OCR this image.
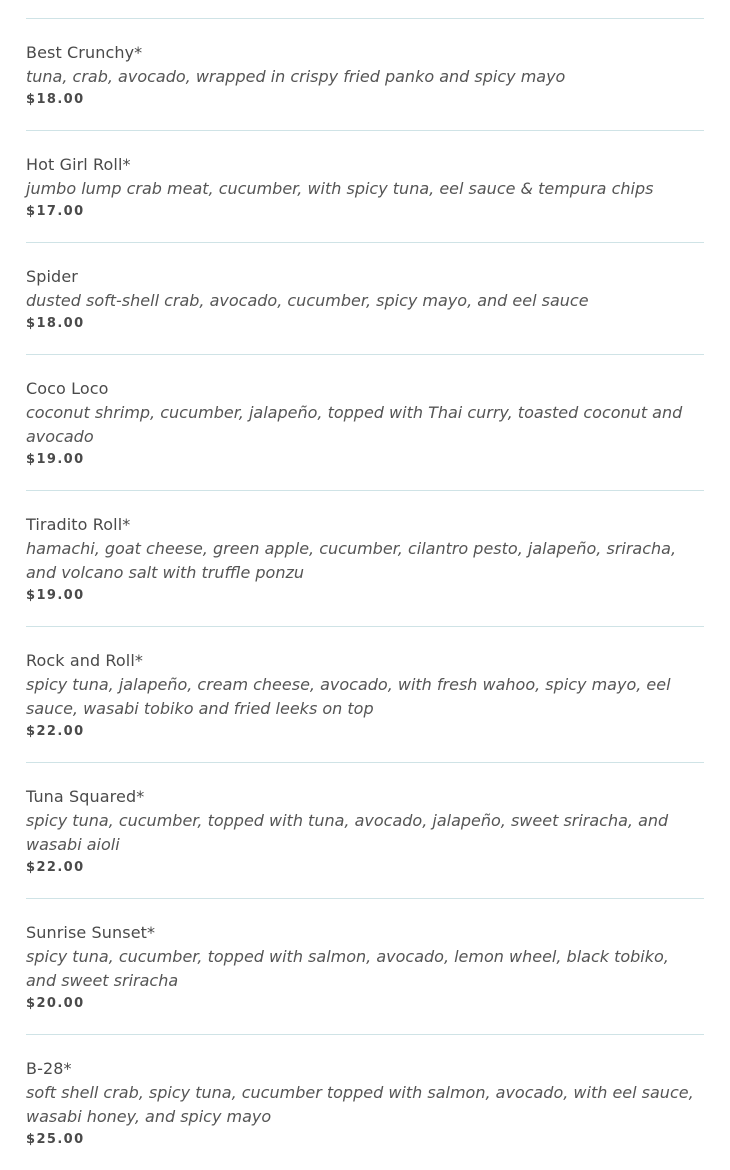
Best Crunchy*
tuna, crab, avocado, wrapped in crispy fried panko and spicy mayo
$18.00
Hot Girl Roll*
jumbo lump crab meat, cucumber, with spicy tuna, eel sauce & tempura chips
$17.00
Spider
dusted soft-shell crab, avocado, cucumber, spicy mayo, and eel sauce
$18.00
Coco Loco
coconut shrimp, cucumber, jalapeño, topped with Thai curry, toasted coconut and avocado
$19.00
Tiradito Roll*
hamachi, goat cheese, green apple, cucumber, cilantro pesto, jalapeño, sriracha, and volcano salt with truffle ponzu
$19.00
Rock and Roll*
spicy tuna, jalapeño, cream cheese, avocado, with fresh wahoo, spicy mayo, eel sauce, wasabi tobiko and fried leeks on top
$22.00
Tuna Squared*
spicy tuna, cucumber, topped with tuna, avocado, jalapeño, sweet sriracha, and wasabi aioli
$22.00
Sunrise Sunset*
spicy tuna, cucumber, topped with salmon, avocado, lemon wheel, black tobiko, and sweet sriracha
$20.00
B-28*
soft shell crab, spicy tuna, cucumber topped with salmon, avocado, with eel sauce, wasabi honey, and spicy mayo
$25.00
